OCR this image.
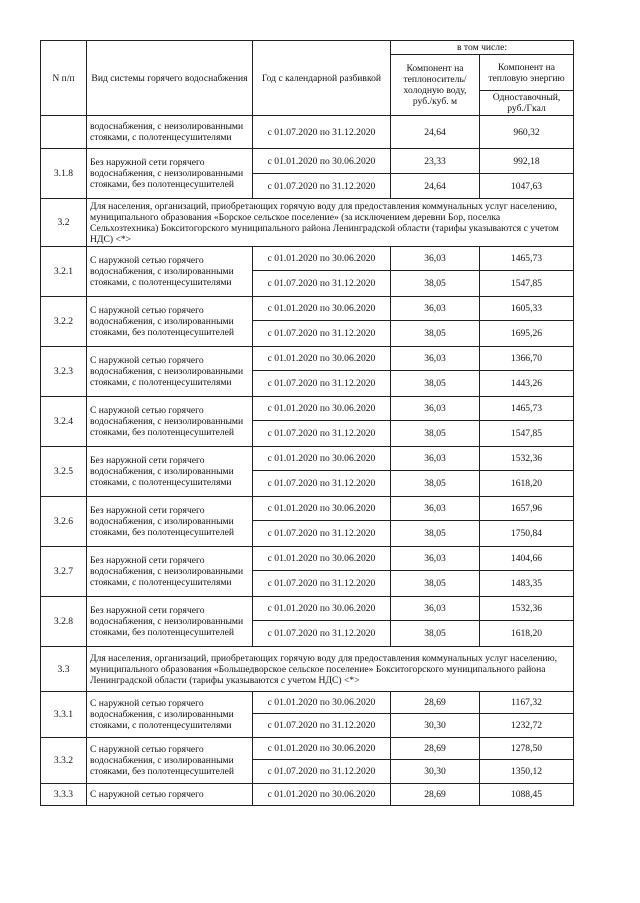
N п/п	Вид системы горячего водоснабжения	Год с календарной разбивкой	в том числе:	
			Компонент на теплоноситель/холодную воду, руб./куб. м	Компонент на тепловую энергию
				Одноставочный, руб./Гкал
	водоснабжения, с неизолированными стояками, с полотенцесушителями	с 01.07.2020 по 31.12.2020	24,64	960,32
3.1.8	Без наружной сети горячего водоснабжения, с неизолированными стояками, без полотенцесушителей	с 01.01.2020 по 30.06.2020	23,33	992,18
		с 01.07.2020 по 31.12.2020	24,64	1047,63
3.2	Для населения, организаций, приобретающих горячую воду для предоставления коммунальных услуг населению, муниципального образования «Борское сельское поселение» (за исключением деревни Бор, поселка Сельхозтехника) Бокситогорского муниципального района Ленинградской области (тарифы указываются с учетом НДС) <*>			
3.2.1	С наружной сетью горячего водоснабжения, с изолированными стояками, с полотенцесушителями	с 01.01.2020 по 30.06.2020	36,03	1465,73
		с 01.07.2020 по 31.12.2020	38,05	1547,85
3.2.2	С наружной сетью горячего водоснабжения, с изолированными стояками, без полотенцесушителей	с 01.01.2020 по 30.06.2020	36,03	1605,33
		с 01.07.2020 по 31.12.2020	38,05	1695,26
3.2.3	С наружной сетью горячего водоснабжения, с неизолированными стояками, с полотенцесушителями	с 01.01.2020 по 30.06.2020	36,03	1366,70
		с 01.07.2020 по 31.12.2020	38,05	1443,26
3.2.4	С наружной сетью горячего водоснабжения, с неизолированными стояками, без полотенцесушителей	с 01.01.2020 по 30.06.2020	36,03	1465,73
		с 01.07.2020 по 31.12.2020	38,05	1547,85
3.2.5	Без наружной сети горячего водоснабжения, с изолированными стояками, с полотенцесушителями	с 01.01.2020 по 30.06.2020	36,03	1532,36
		с 01.07.2020 по 31.12.2020	38,05	1618,20
3.2.6	Без наружной сети горячего водоснабжения, с изолированными стояками, без полотенцесушителей	с 01.01.2020 по 30.06.2020	36,03	1657,96
		с 01.07.2020 по 31.12.2020	38,05	1750,84
3.2.7	Без наружной сети горячего водоснабжения, с неизолированными стояками, с полотенцесушителями	с 01.01.2020 по 30.06.2020	36,03	1404,66
		с 01.07.2020 по 31.12.2020	38,05	1483,35
3.2.8	Без наружной сети горячего водоснабжения, с неизолированными стояками, без полотенцесушителей	с 01.01.2020 по 30.06.2020	36,03	1532,36
		с 01.07.2020 по 31.12.2020	38,05	1618,20
3.3	Для населения, организаций, приобретающих горячую воду для предоставления коммунальных услуг населению, муниципального образования «Большедворское сельское поселение» Бокситогорского муниципального района Ленинградской области (тарифы указываются с учетом НДС) <*>			
3.3.1	С наружной сетью горячего водоснабжения, с изолированными стояками, с полотенцесушителями	с 01.01.2020 по 30.06.2020	28,69	1167,32
		с 01.07.2020 по 31.12.2020	30,30	1232,72
3.3.2	С наружной сетью горячего водоснабжения, с изолированными стояками, без полотенцесушителей	с 01.01.2020 по 30.06.2020	28,69	1278,50
		с 01.07.2020 по 31.12.2020	30,30	1350,12
3.3.3	С наружной сетью горячего	с 01.01.2020 по 30.06.2020	28,69	1088,45
